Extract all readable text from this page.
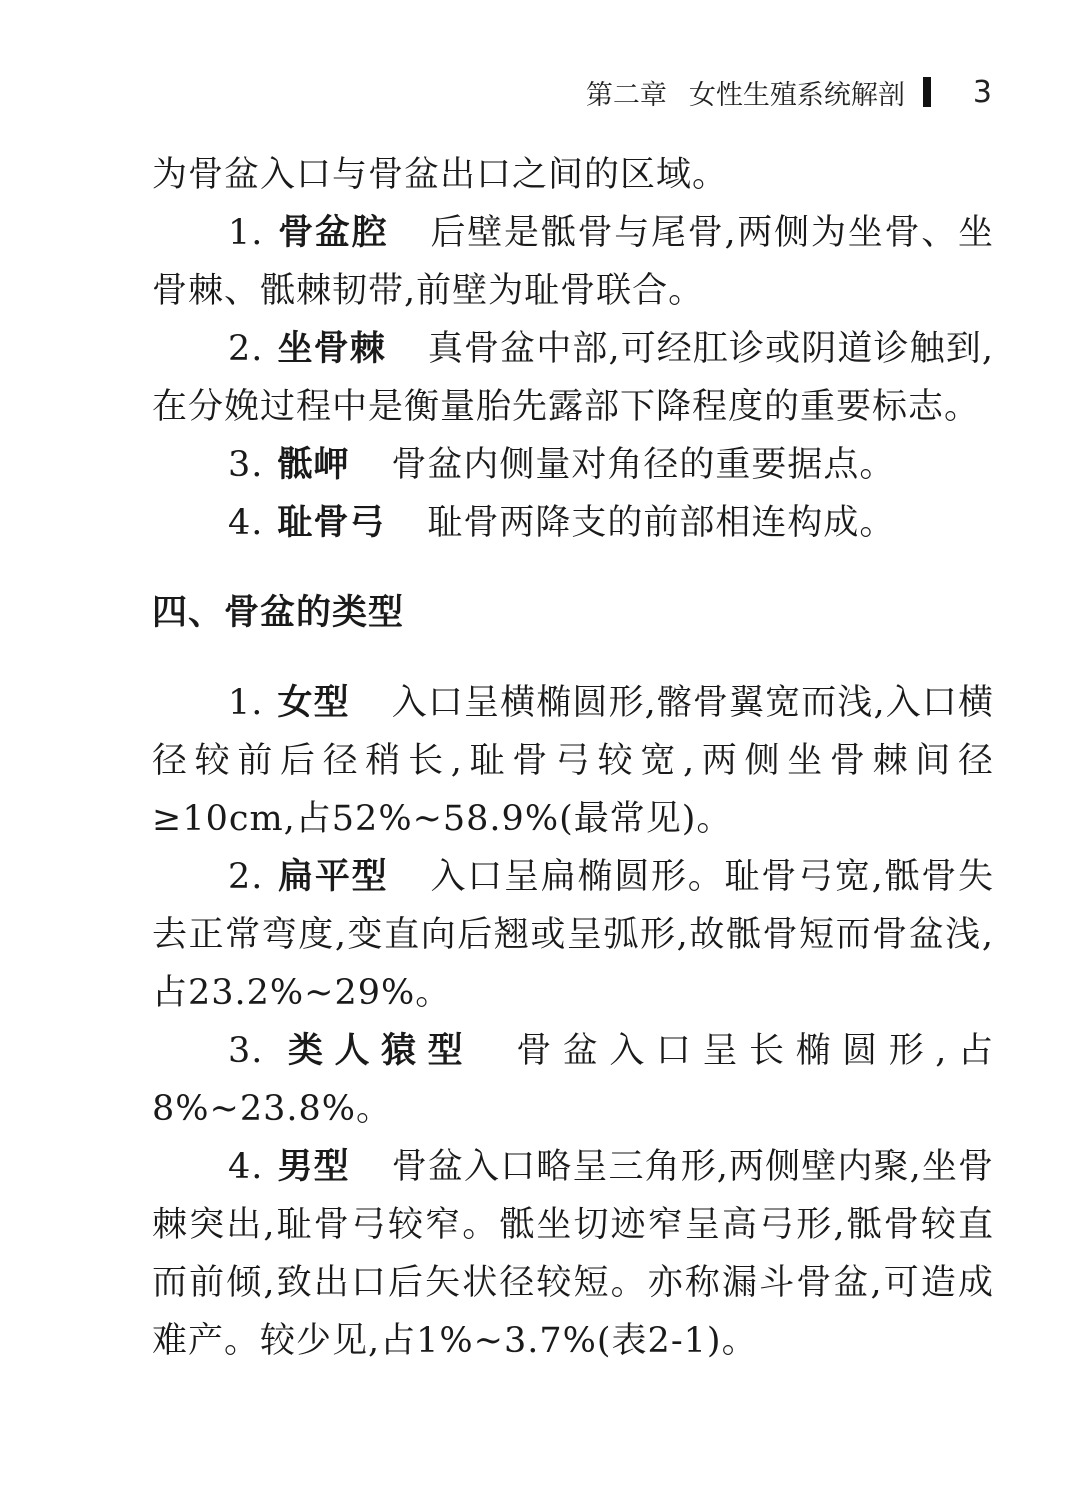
第二章 女性生殖系统解剖 3

为骨盆入口与骨盆出口之间的区域。

1. 骨盆腔 后壁是骶骨与尾骨,两侧为坐骨、坐骨棘、骶棘韧带,前壁为耻骨联合。

2. 坐骨棘 真骨盆中部,可经肛诊或阴道诊触到,在分娩过程中是衡量胎先露部下降程度的重要标志。

3. 骶岬 骨盆内侧量对角径的重要据点。

4. 耻骨弓 耻骨两降支的前部相连构成。

四、骨盆的类型

1. 女型 入口呈横椭圆形,髂骨翼宽而浅,入口横径较前后径稍长,耻骨弓较宽,两侧坐骨棘间径≥10cm,占52%~58.9%(最常见)。

2. 扁平型 入口呈扁椭圆形。耻骨弓宽,骶骨失去正常弯度,变直向后翘或呈弧形,故骶骨短而骨盆浅,占23.2%~29%。

3. 类人猿型 骨盆入口呈长椭圆形,占8%~23.8%。

4. 男型 骨盆入口略呈三角形,两侧壁内聚,坐骨棘突出,耻骨弓较窄。骶坐切迹窄呈高弓形,骶骨较直而前倾,致出口后矢状径较短。亦称漏斗骨盆,可造成难产。较少见,占1%~3.7%(表2-1)。
